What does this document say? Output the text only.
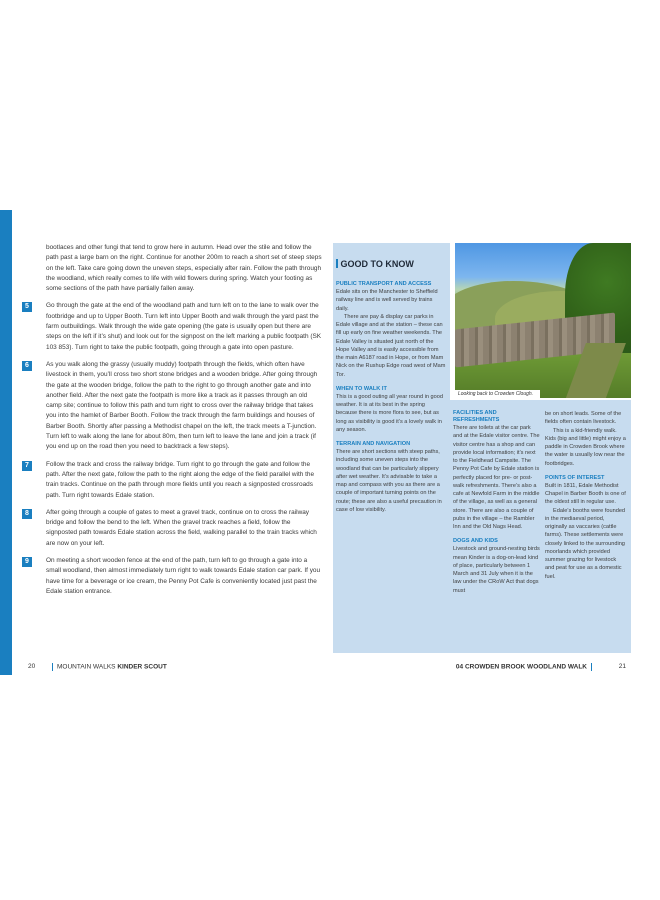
bootlaces and other fungi that tend to grow here in autumn. Head over the stile and follow the path past a large barn on the right. Continue for another 200m to reach a short set of steep steps on the left. Take care going down the uneven steps, especially after rain. Follow the path through the woodland, which really comes to life with wild flowers during spring. Watch your footing as some sections of the path have partially fallen away.

5	Go through the gate at the end of the woodland path and turn left on to the lane to walk over the footbridge and up to Upper Booth. Turn left into Upper Booth and walk through the yard past the farm outbuildings. Walk through the wide gate opening (the gate is usually open but there are steps on the left if it’s shut) and look out for the signpost on the left marking a public footpath (SK 103 853). Turn right to take the public footpath, going through a gate into open pasture.
6	As you walk along the grassy (usually muddy) footpath through the fields, which often have livestock in them, you’ll cross two short stone bridges and a wooden bridge. After going through the gate at the wooden bridge, follow the path to the right to go through another gate and into another field. After the next gate the footpath is more like a track as it passes through an old camp site; continue to follow this path and turn right to cross over the railway bridge that takes you into the hamlet of Barber Booth. Follow the track through the farm buildings and houses of Barber Booth. Shortly after passing a Methodist chapel on the left, the track meets a T-junction. Turn left to walk along the lane for about 80m, then turn left to leave the lane and join a track (if you end up on the road then you need to backtrack a few steps).
7	Follow the track and cross the railway bridge. Turn right to go through the gate and follow the path. After the next gate, follow the path to the right along the edge of the field parallel with the train tracks. Continue on the path through more fields until you reach a signposted crossroads path. Turn right towards Edale station.
8	After going through a couple of gates to meet a gravel track, continue on to cross the railway bridge and follow the bend to the left. When the gravel track reaches a field, follow the signposted path towards Edale station across the field, walking parallel to the train tracks which are now on your left.
9	On meeting a short wooden fence at the end of the path, turn left to go through a gate into a small woodland, then almost immediately turn right to walk towards Edale station car park. If you have time for a beverage or ice cream, the Penny Pot Cafe is conveniently located just past the Edale station entrance.
20	MOUNTAIN WALKS KINDER SCOUT
Looking back to Crowden Clough.
GOOD TO KNOW

PUBLIC TRANSPORT AND ACCESS

Edale sits on the Manchester to Sheffield railway line and is well served by trains daily.

There are pay & display car parks in Edale village and at the station – these can fill up early on fine weather weekends. The Edale Valley is situated just north of the Hope Valley and is easily accessible from the main A6187 road in Hope, or from Mam Nick on the Rushup Edge road west of Mam Tor.

WHEN TO WALK IT

This is a good outing all year round in good weather. It is at its best in the spring because there is more flora to see, but as long as visibility is good it’s a lovely walk in any season.

TERRAIN AND NAVIGATION

There are short sections with steep paths, including some uneven steps into the woodland that can be particularly slippery after wet weather. It’s advisable to take a map and compass with you as there are a couple of important turning points on the route; these are also a useful precaution in case of low visibility.

FACILITIES AND REFRESHMENTS

There are toilets at the car park and at the Edale visitor centre. The visitor centre has a shop and can provide local information; it’s next to the Fieldhead Campsite. The Penny Pot Cafe by Edale station is perfectly placed for pre- or post-walk refreshments. There’s also a cafe at Newfold Farm in the middle of the village, as well as a general store. There are also a couple of pubs in the village – the Rambler Inn and the Old Nags Head.

DOGS AND KIDS

Livestock and ground-nesting birds mean Kinder is a dog-on-lead kind of place, particularly between 1 March and 31 July when it is the law under the CRoW Act that dogs must

be on short leads. Some of the fields often contain livestock.

This is a kid-friendly walk. Kids (big and little) might enjoy a paddle in Crowden Brook where the water is usually low near the footbridges.

POINTS OF INTEREST

Built in 1811, Edale Methodist Chapel in Barber Booth is one of the oldest still in regular use.

Edale’s booths were founded in the mediaeval period, originally as vaccaries (cattle farms). These settlements were closely linked to the surrounding moorlands which provided summer grazing for livestock and peat for use as a domestic fuel.

04 CROWDEN BROOK WOODLAND WALK	21
